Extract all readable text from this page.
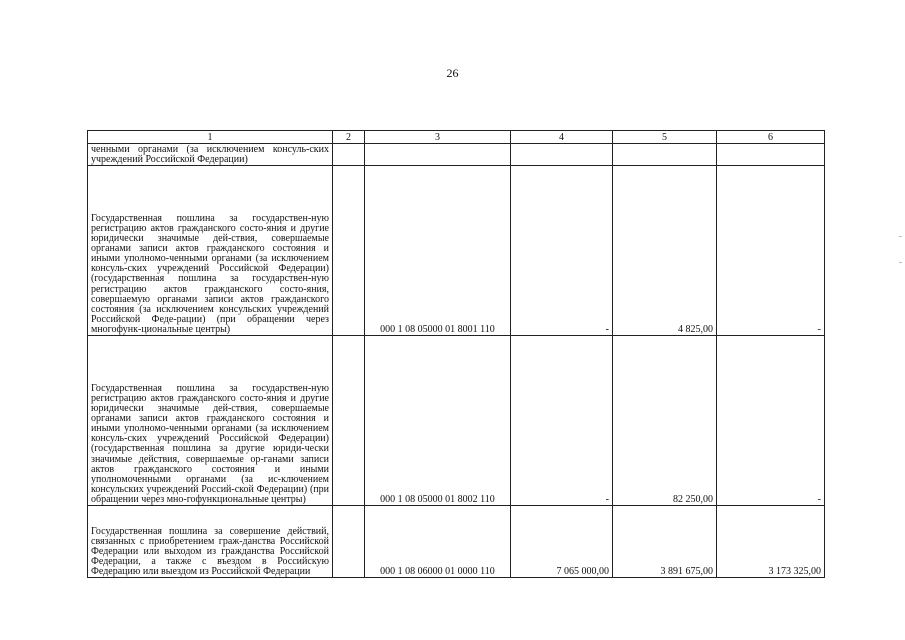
26
1	2	3	4	5	6

ченными органами (за исключением консуль-ских учреждений Российской Федерации)					

Государственная пошлина за государствен-ную регистрацию актов гражданского состо-яния и другие юридически значимые дей-ствия, совершаемые органами записи актов гражданского состояния и иными уполномо-ченными органами (за исключением консуль-ских учреждений Российской Федерации) (государственная пошлина за государствен-ную регистрацию актов гражданского состо-яния, совершаемую органами записи актов гражданского состояния (за исключением консульских учреждений Российской Феде-рации) (при обращении через многофунк-циональные центры)		000 1 08 05000 01 8001 110	-	4 825,00	-

Государственная пошлина за государствен-ную регистрацию актов гражданского состо-яния и другие юридически значимые дей-ствия, совершаемые органами записи актов гражданского состояния и иными уполномо-ченными органами (за исключением консуль-ских учреждений Российской Федерации) (государственная пошлина за другие юриди-чески значимые действия, совершаемые ор-ганами записи актов гражданского состояния и иными уполномоченными органами (за ис-ключением консульских учреждений Россий-ской Федерации) (при обращении через мно-гофункциональные центры)		000 1 08 05000 01 8002 110	-	82 250,00	-

Государственная пошлина за совершение действий, связанных с приобретением граж-данства Российской Федерации или выходом из гражданства Российской Федерации, а также с въездом в Российскую Федерацию или выездом из Российской Федерации		000 1 08 06000 01 0000 110	7 065 000,00	3 891 675,00	3 173 325,00
